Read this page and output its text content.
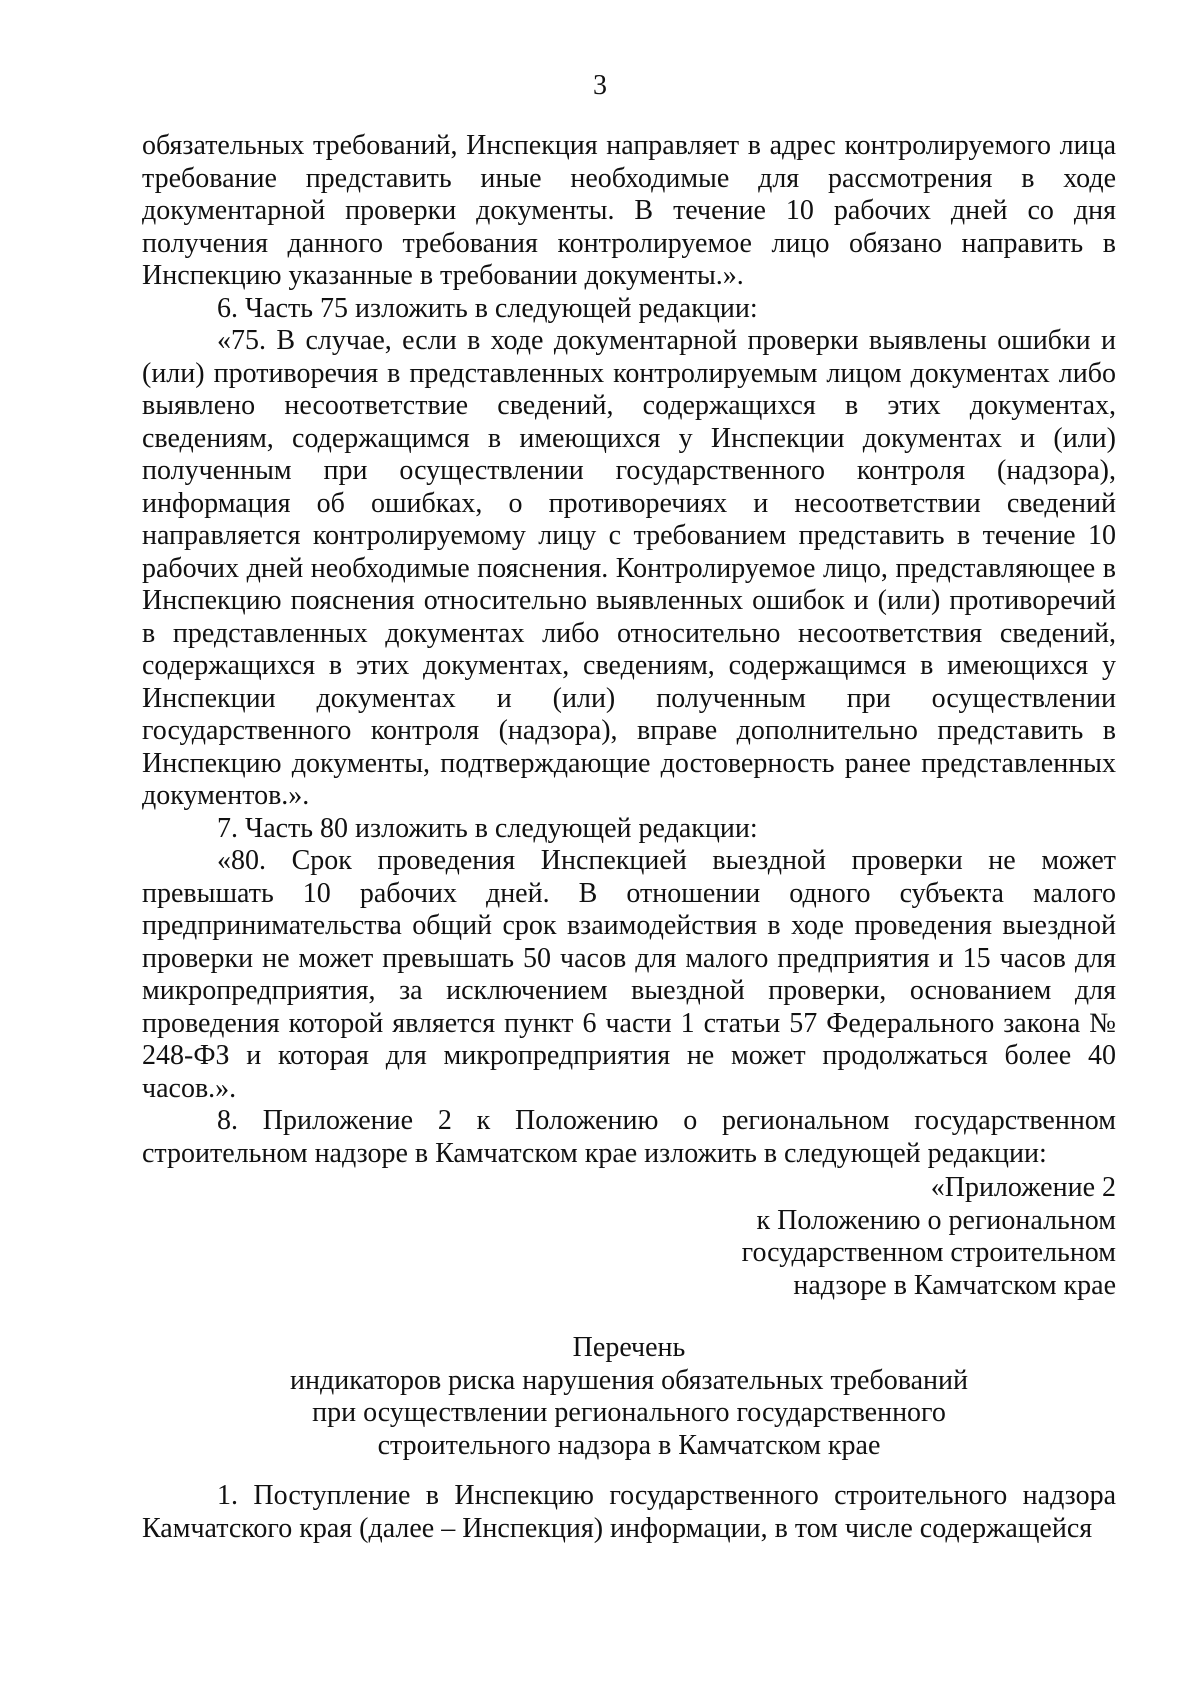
3

обязательных требований, Инспекция направляет в адрес контролируемого лица требование представить иные необходимые для рассмотрения в ходе документарной проверки документы. В течение 10 рабочих дней со дня получения данного требования контролируемое лицо обязано направить в Инспекцию указанные в требовании документы.».

6. Часть 75 изложить в следующей редакции:

«75. В случае, если в ходе документарной проверки выявлены ошибки и (или) противоречия в представленных контролируемым лицом документах либо выявлено несоответствие сведений, содержащихся в этих документах, сведениям, содержащимся в имеющихся у Инспекции документах и (или) полученным при осуществлении государственного контроля (надзора), информация об ошибках, о противоречиях и несоответствии сведений направляется контролируемому лицу с требованием представить в течение 10 рабочих дней необходимые пояснения. Контролируемое лицо, представляющее в Инспекцию пояснения относительно выявленных ошибок и (или) противоречий в представленных документах либо относительно несоответствия сведений, содержащихся в этих документах, сведениям, содержащимся в имеющихся у Инспекции документах и (или) полученным при осуществлении государственного контроля (надзора), вправе дополнительно представить в Инспекцию документы, подтверждающие достоверность ранее представленных документов.».

7. Часть 80 изложить в следующей редакции:

«80. Срок проведения Инспекцией выездной проверки не может превышать 10 рабочих дней. В отношении одного субъекта малого предпринимательства общий срок взаимодействия в ходе проведения выездной проверки не может превышать 50 часов для малого предприятия и 15 часов для микропредприятия, за исключением выездной проверки, основанием для проведения которой является пункт 6 части 1 статьи 57 Федерального закона № 248-ФЗ и которая для микропредприятия не может продолжаться более 40 часов.».

8. Приложение 2 к Положению о региональном государственном строительном надзоре в Камчатском крае изложить в следующей редакции:

«Приложение 2
к Положению о региональном
государственном строительном
надзоре в Камчатском крае
Перечень
индикаторов риска нарушения обязательных требований
при осуществлении регионального государственного
строительного надзора в Камчатском крае

1. Поступление в Инспекцию государственного строительного надзора Камчатского края (далее – Инспекция) информации, в том числе содержащейся
